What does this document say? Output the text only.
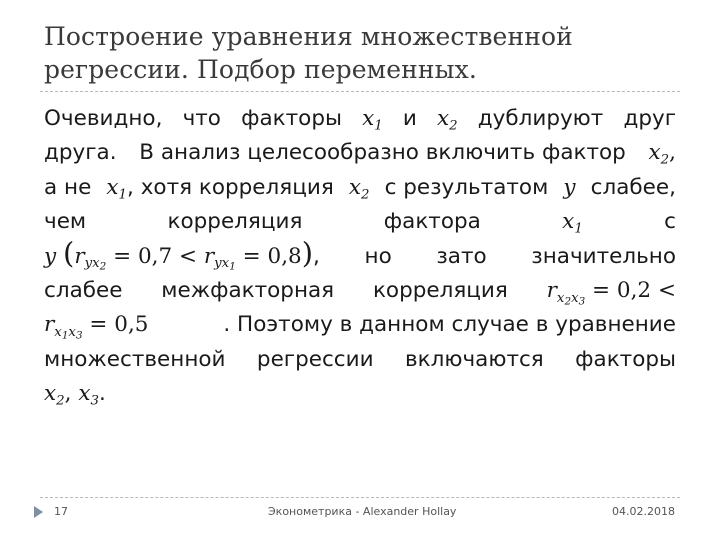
Построение уравнения множественной
регрессии. Подбор переменных.
Очевидно, что факторы $x_1$ и $x_2$ дублируют друг
друга. В анализ целесообразно включить фактор $x_2$,
а не $x_1$, хотя корреляция $x_2$ с результатом y слабее,
чем	корреляция	фактора	$x_1$	с
y $(r_{yx_2} = 0,7 < r_{yx_1} = 0,8)$, но зато значительно
слабее межфакторная корреляция $r_{x_2x_3} = 0,2$ <
$r_{x_1x_3} = 0,5$	. Поэтому в данном случае в уравнение
множественной регрессии включаются факторы
$x_2$, $x_3$.
17	Эконометрика - Alexander Hollay	04.02.2018
